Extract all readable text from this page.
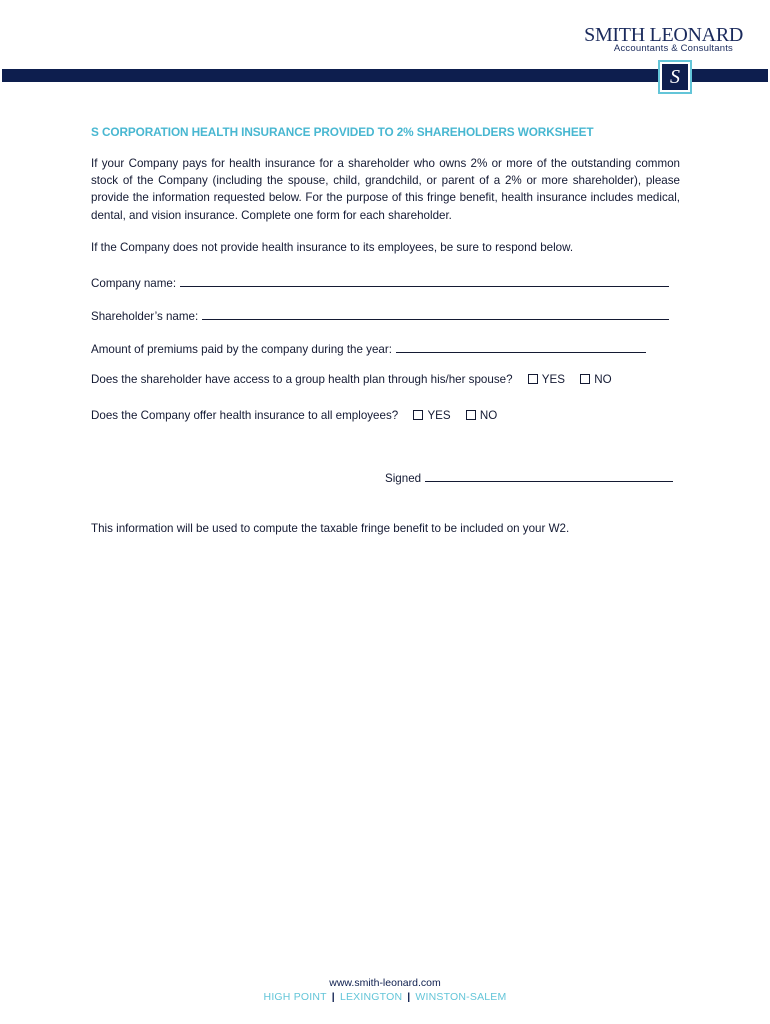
SMITH LEONARD
Accountants & Consultants
S
S CORPORATION HEALTH INSURANCE PROVIDED TO 2% SHAREHOLDERS WORKSHEET

If your Company pays for health insurance for a shareholder who owns 2% or more of the outstanding common stock of the Company (including the spouse, child, grandchild, or parent of a 2% or more shareholder), please provide the information requested below. For the purpose of this fringe benefit, health insurance includes medical, dental, and vision insurance. Complete one form for each shareholder.

If the Company does not provide health insurance to its employees, be sure to respond below.
Company name:
Shareholder’s name:
Amount of premiums paid by the company during the year:
Does the shareholder have access to a group health plan through his/her spouse?	YES	NO
Does the Company offer health insurance to all employees?	YES	NO
Signed
This information will be used to compute the taxable fringe benefit to be included on your W2.
www.smith-leonard.com
HIGH POINT | LEXINGTON | WINSTON-SALEM
